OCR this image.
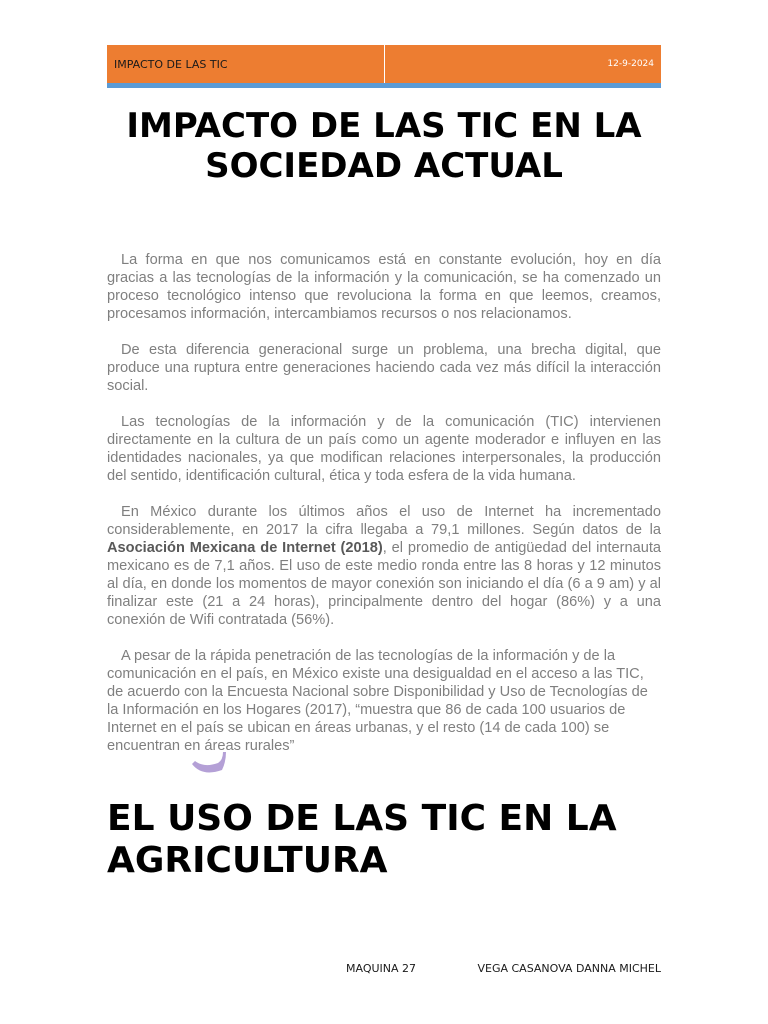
IMPACTO DE LAS TIC	12-9-2024
IMPACTO DE LAS TIC EN LA SOCIEDAD ACTUAL

La forma en que nos comunicamos está en constante evolución, hoy en día gracias a las tecnologías de la información y la comunicación, se ha comenzado un proceso tecnológico intenso que revoluciona la forma en que leemos, creamos, procesamos información, intercambiamos recursos o nos relacionamos.

De esta diferencia generacional surge un problema, una brecha digital, que produce una ruptura entre generaciones haciendo cada vez más difícil la interacción social.

Las tecnologías de la información y de la comunicación (TIC) intervienen directamente en la cultura de un país como un agente moderador e influyen en las identidades nacionales, ya que modifican relaciones interpersonales, la producción del sentido, identificación cultural, ética y toda esfera de la vida humana.

En México durante los últimos años el uso de Internet ha incrementado considerablemente, en 2017 la cifra llegaba a 79,1 millones. Según datos de la Asociación Mexicana de Internet (2018), el promedio de antigüedad del internauta mexicano es de 7,1 años. El uso de este medio ronda entre las 8 horas y 12 minutos al día, en donde los momentos de mayor conexión son iniciando el día (6 a 9 am) y al finalizar este (21 a 24 horas), principalmente dentro del hogar (86%) y a una conexión de Wifi contratada (56%).

A pesar de la rápida penetración de las tecnologías de la información y de la comunicación en el país, en México existe una desigualdad en el acceso a las TIC, de acuerdo con la Encuesta Nacional sobre Disponibilidad y Uso de Tecnologías de la Información en los Hogares (2017), “muestra que 86 de cada 100 usuarios de Internet en el país se ubican en áreas urbanas, y el resto (14 de cada 100) se encuentran en áreas rurales”

EL USO DE LAS TIC EN LA AGRICULTURA
MAQUINA 27	VEGA CASANOVA DANNA MICHEL
